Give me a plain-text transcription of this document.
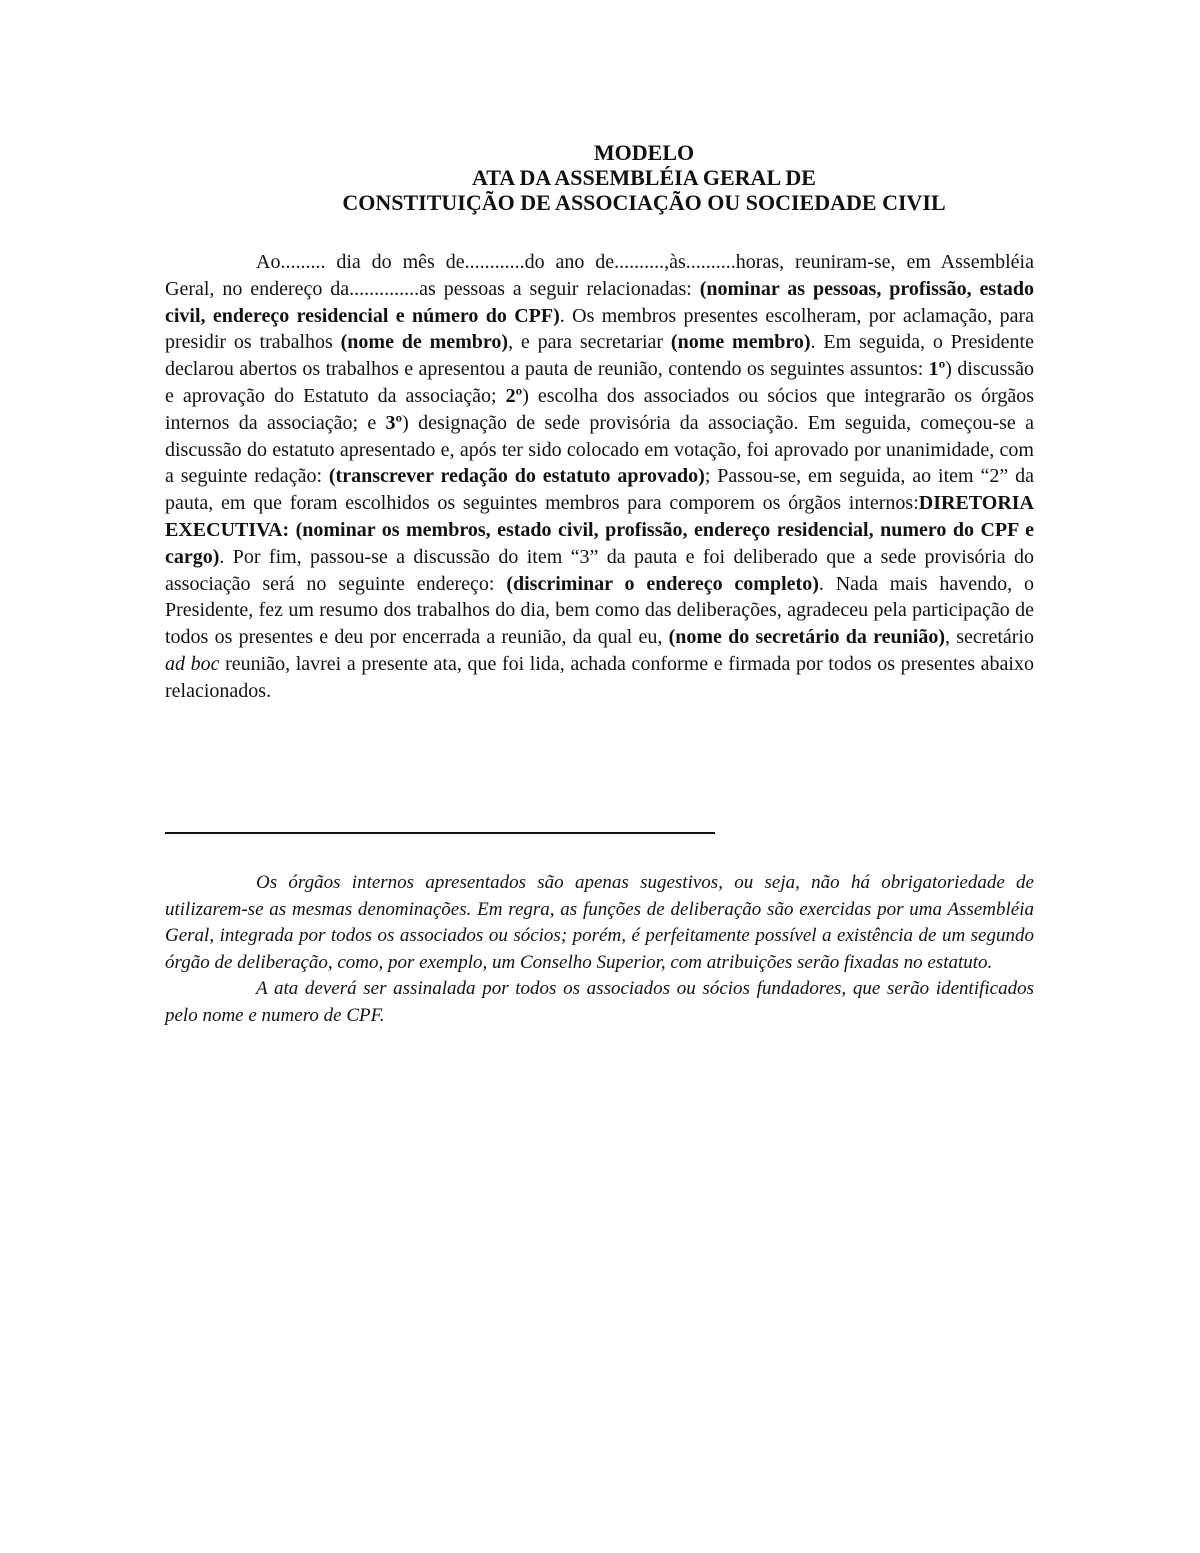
MODELO
ATA DA ASSEMBLÉIA GERAL DE
CONSTITUIÇÃO DE ASSOCIAÇÃO OU SOCIEDADE CIVIL

Ao......... dia do mês de............do ano de..........,às..........horas, reuniram-se, em Assembléia Geral, no endereço da..............as pessoas a seguir relacionadas: (nominar as pessoas, profissão, estado civil, endereço residencial e número do CPF). Os membros presentes escolheram, por aclamação, para presidir os trabalhos (nome de membro), e para secretariar (nome membro). Em seguida, o Presidente declarou abertos os trabalhos e apresentou a pauta de reunião, contendo os seguintes assuntos: 1º) discussão e aprovação do Estatuto da associação; 2º) escolha dos associados ou sócios que integrarão os órgãos internos da associação; e 3º) designação de sede provisória da associação. Em seguida, começou-se a discussão do estatuto apresentado e, após ter sido colocado em votação, foi aprovado por unanimidade, com a seguinte redação: (transcrever redação do estatuto aprovado); Passou-se, em seguida, ao item “2” da pauta, em que foram escolhidos os seguintes membros para comporem os órgãos internos:DIRETORIA EXECUTIVA: (nominar os membros, estado civil, profissão, endereço residencial, numero do CPF e cargo). Por fim, passou-se a discussão do item “3” da pauta e foi deliberado que a sede provisória do associação será no seguinte endereço: (discriminar o endereço completo). Nada mais havendo, o Presidente, fez um resumo dos trabalhos do dia, bem como das deliberações, agradeceu pela participação de todos os presentes e deu por encerrada a reunião, da qual eu, (nome do secretário da reunião), secretário ad boc reunião, lavrei a presente ata, que foi lida, achada conforme e firmada por todos os presentes abaixo relacionados.

Os órgãos internos apresentados são apenas sugestivos, ou seja, não há obrigatoriedade de utilizarem-se as mesmas denominações. Em regra, as funções de deliberação são exercidas por uma Assembléia Geral, integrada por todos os associados ou sócios; porém, é perfeitamente possível a existência de um segundo órgão de deliberação, como, por exemplo, um Conselho Superior, com atribuições serão fixadas no estatuto.

A ata deverá ser assinalada por todos os associados ou sócios fundadores, que serão identificados pelo nome e numero de CPF.
